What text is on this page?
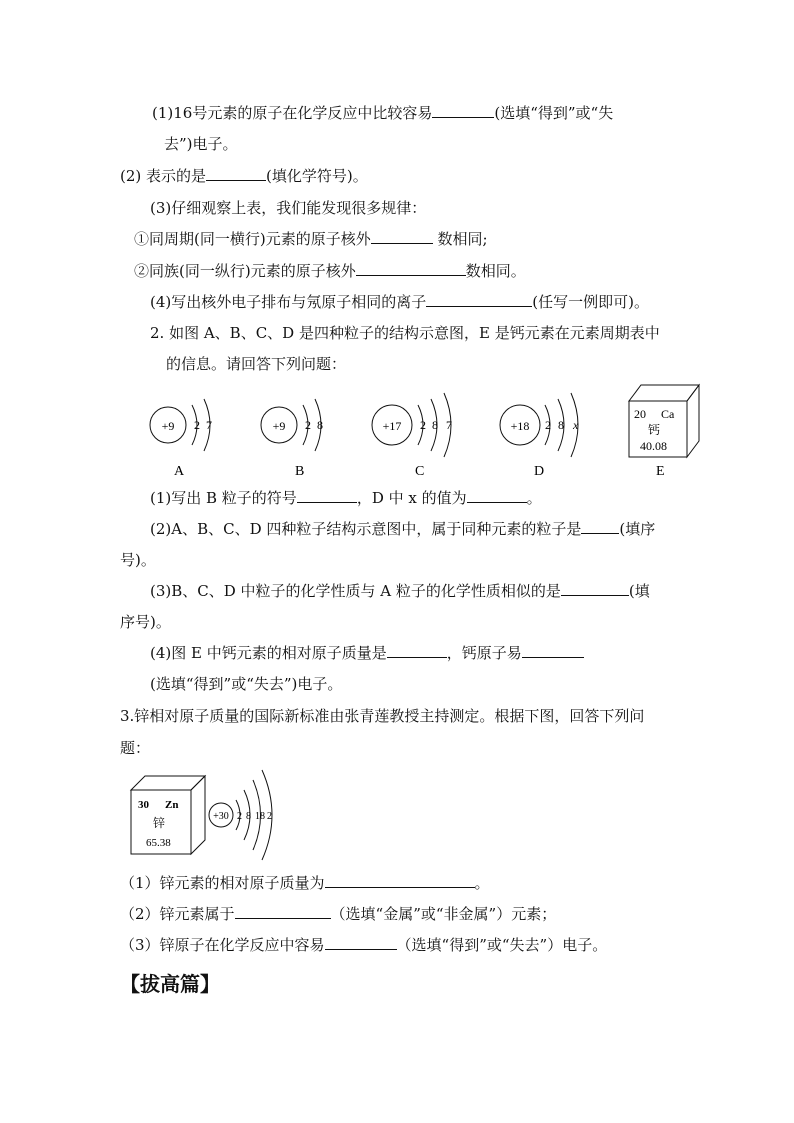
(1)16号元素的原子在化学反应中比较容易	(选填“得到”或“失
去”)电子。
(2) 表示的是	(填化学符号)。
(3)仔细观察上表，我们能发现很多规律：
①同周期(同一横行)元素的原子核外	数相同;
②同族(同一纵行)元素的原子核外	数相同。
(4)写出核外电子排布与氖原子相同的离子	(任写一例即可)。
2. 如图 A、B、C、D 是四种粒子的结构示意图，E 是钙元素在元素周期表中
的信息。请回答下列问题：
+9 2 7
A
+9 2 8
B
+17 2 8 7
C
+18 2 8 x
D
20 Ca
钙
40.08
E
(1)写出 B 粒子的符号	，D 中 x 的值为	。
(2)A、B、C、D 四种粒子结构示意图中，属于同种元素的粒子是	(填序
号)。
(3)B、C、D 中粒子的化学性质与 A 粒子的化学性质相似的是	(填
序号)。
(4)图 E 中钙元素的相对原子质量是	，钙原子易
(选填“得到”或“失去”)电子。
3.锌相对原子质量的国际新标准由张青莲教授主持测定。根据下图，回答下列问
题：
30 Zn
锌
65.38
+30 2 8 18 2
（1）锌元素的相对原子质量为	。
（2）锌元素属于	（选填“金属”或“非金属”）元素；
（3）锌原子在化学反应中容易	（选填“得到”或“失去”）电子。
【拔高篇】
